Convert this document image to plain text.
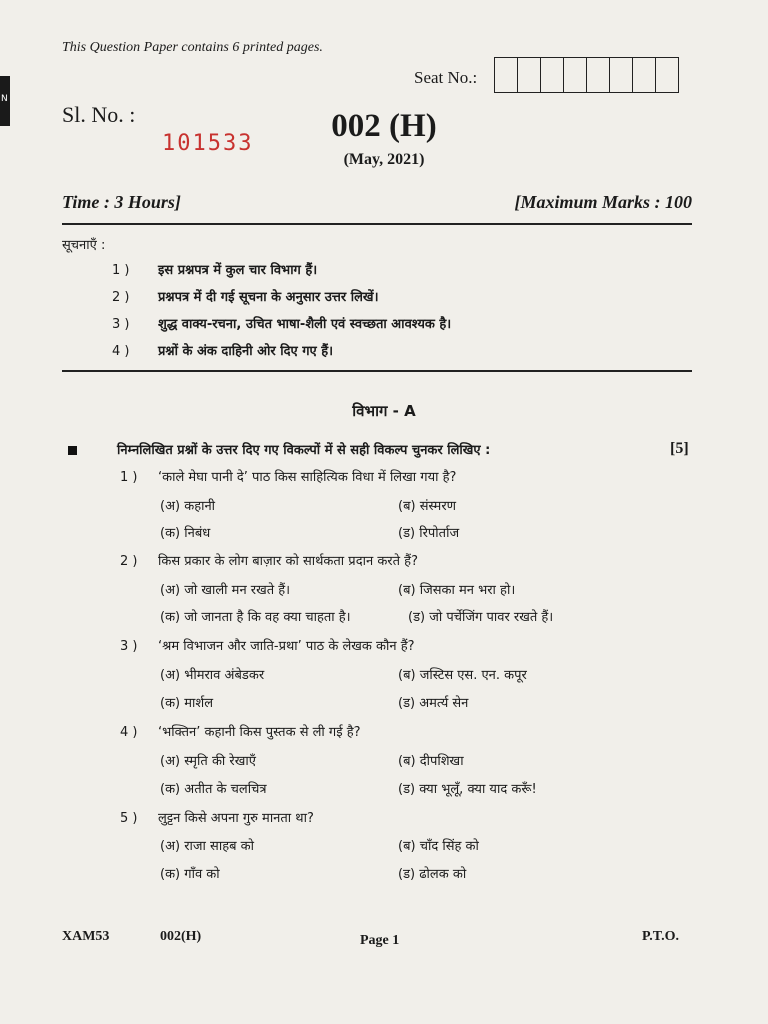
N
This Question Paper contains 6 printed pages.
Seat No.:
Sl. No. :
101533	002 (H)
(May, 2021)
Time : 3 Hours]	[Maximum Marks : 100
सूचनाएँ :
1 ) इस प्रश्नपत्र में कुल चार विभाग हैं।
2 ) प्रश्नपत्र में दी गई सूचना के अनुसार उत्तर लिखें।
3 ) शुद्ध वाक्य-रचना, उचित भाषा-शैली एवं स्वच्छता आवश्यक है।
4 ) प्रश्नों के अंक दाहिनी ओर दिए गए हैं।
विभाग - A
निम्नलिखित प्रश्नों के उत्तर दिए गए विकल्पों में से सही विकल्प चुनकर लिखिए :	[5]
1 ) ‘काले मेघा पानी दे’ पाठ किस साहित्यिक विधा में लिखा गया है?
(अ) कहानी	(ब) संस्मरण
(क) निबंध	(ड) रिपोर्ताज
2 ) किस प्रकार के लोग बाज़ार को सार्थकता प्रदान करते हैं?
(अ) जो खाली मन रखते हैं।	(ब) जिसका मन भरा हो।
(क) जो जानता है कि वह क्या चाहता है।	(ड) जो पर्चेजिंग पावर रखते हैं।
3 ) ‘श्रम विभाजन और जाति-प्रथा’ पाठ के लेखक कौन हैं?
(अ) भीमराव अंबेडकर	(ब) जस्टिस एस. एन. कपूर
(क) मार्शल	(ड) अमर्त्य सेन
4 ) ‘भक्तिन’ कहानी किस पुस्तक से ली गई है?
(अ) स्मृति की रेखाएँ	(ब) दीपशिखा
(क) अतीत के चलचित्र	(ड) क्या भूलूँ, क्या याद करूँ!
5 ) लुट्टन किसे अपना गुरु मानता था?
(अ) राजा साहब को	(ब) चाँद सिंह को
(क) गाँव को	(ड) ढोलक को
XAM53	002(H)	Page 1	P.T.O.
